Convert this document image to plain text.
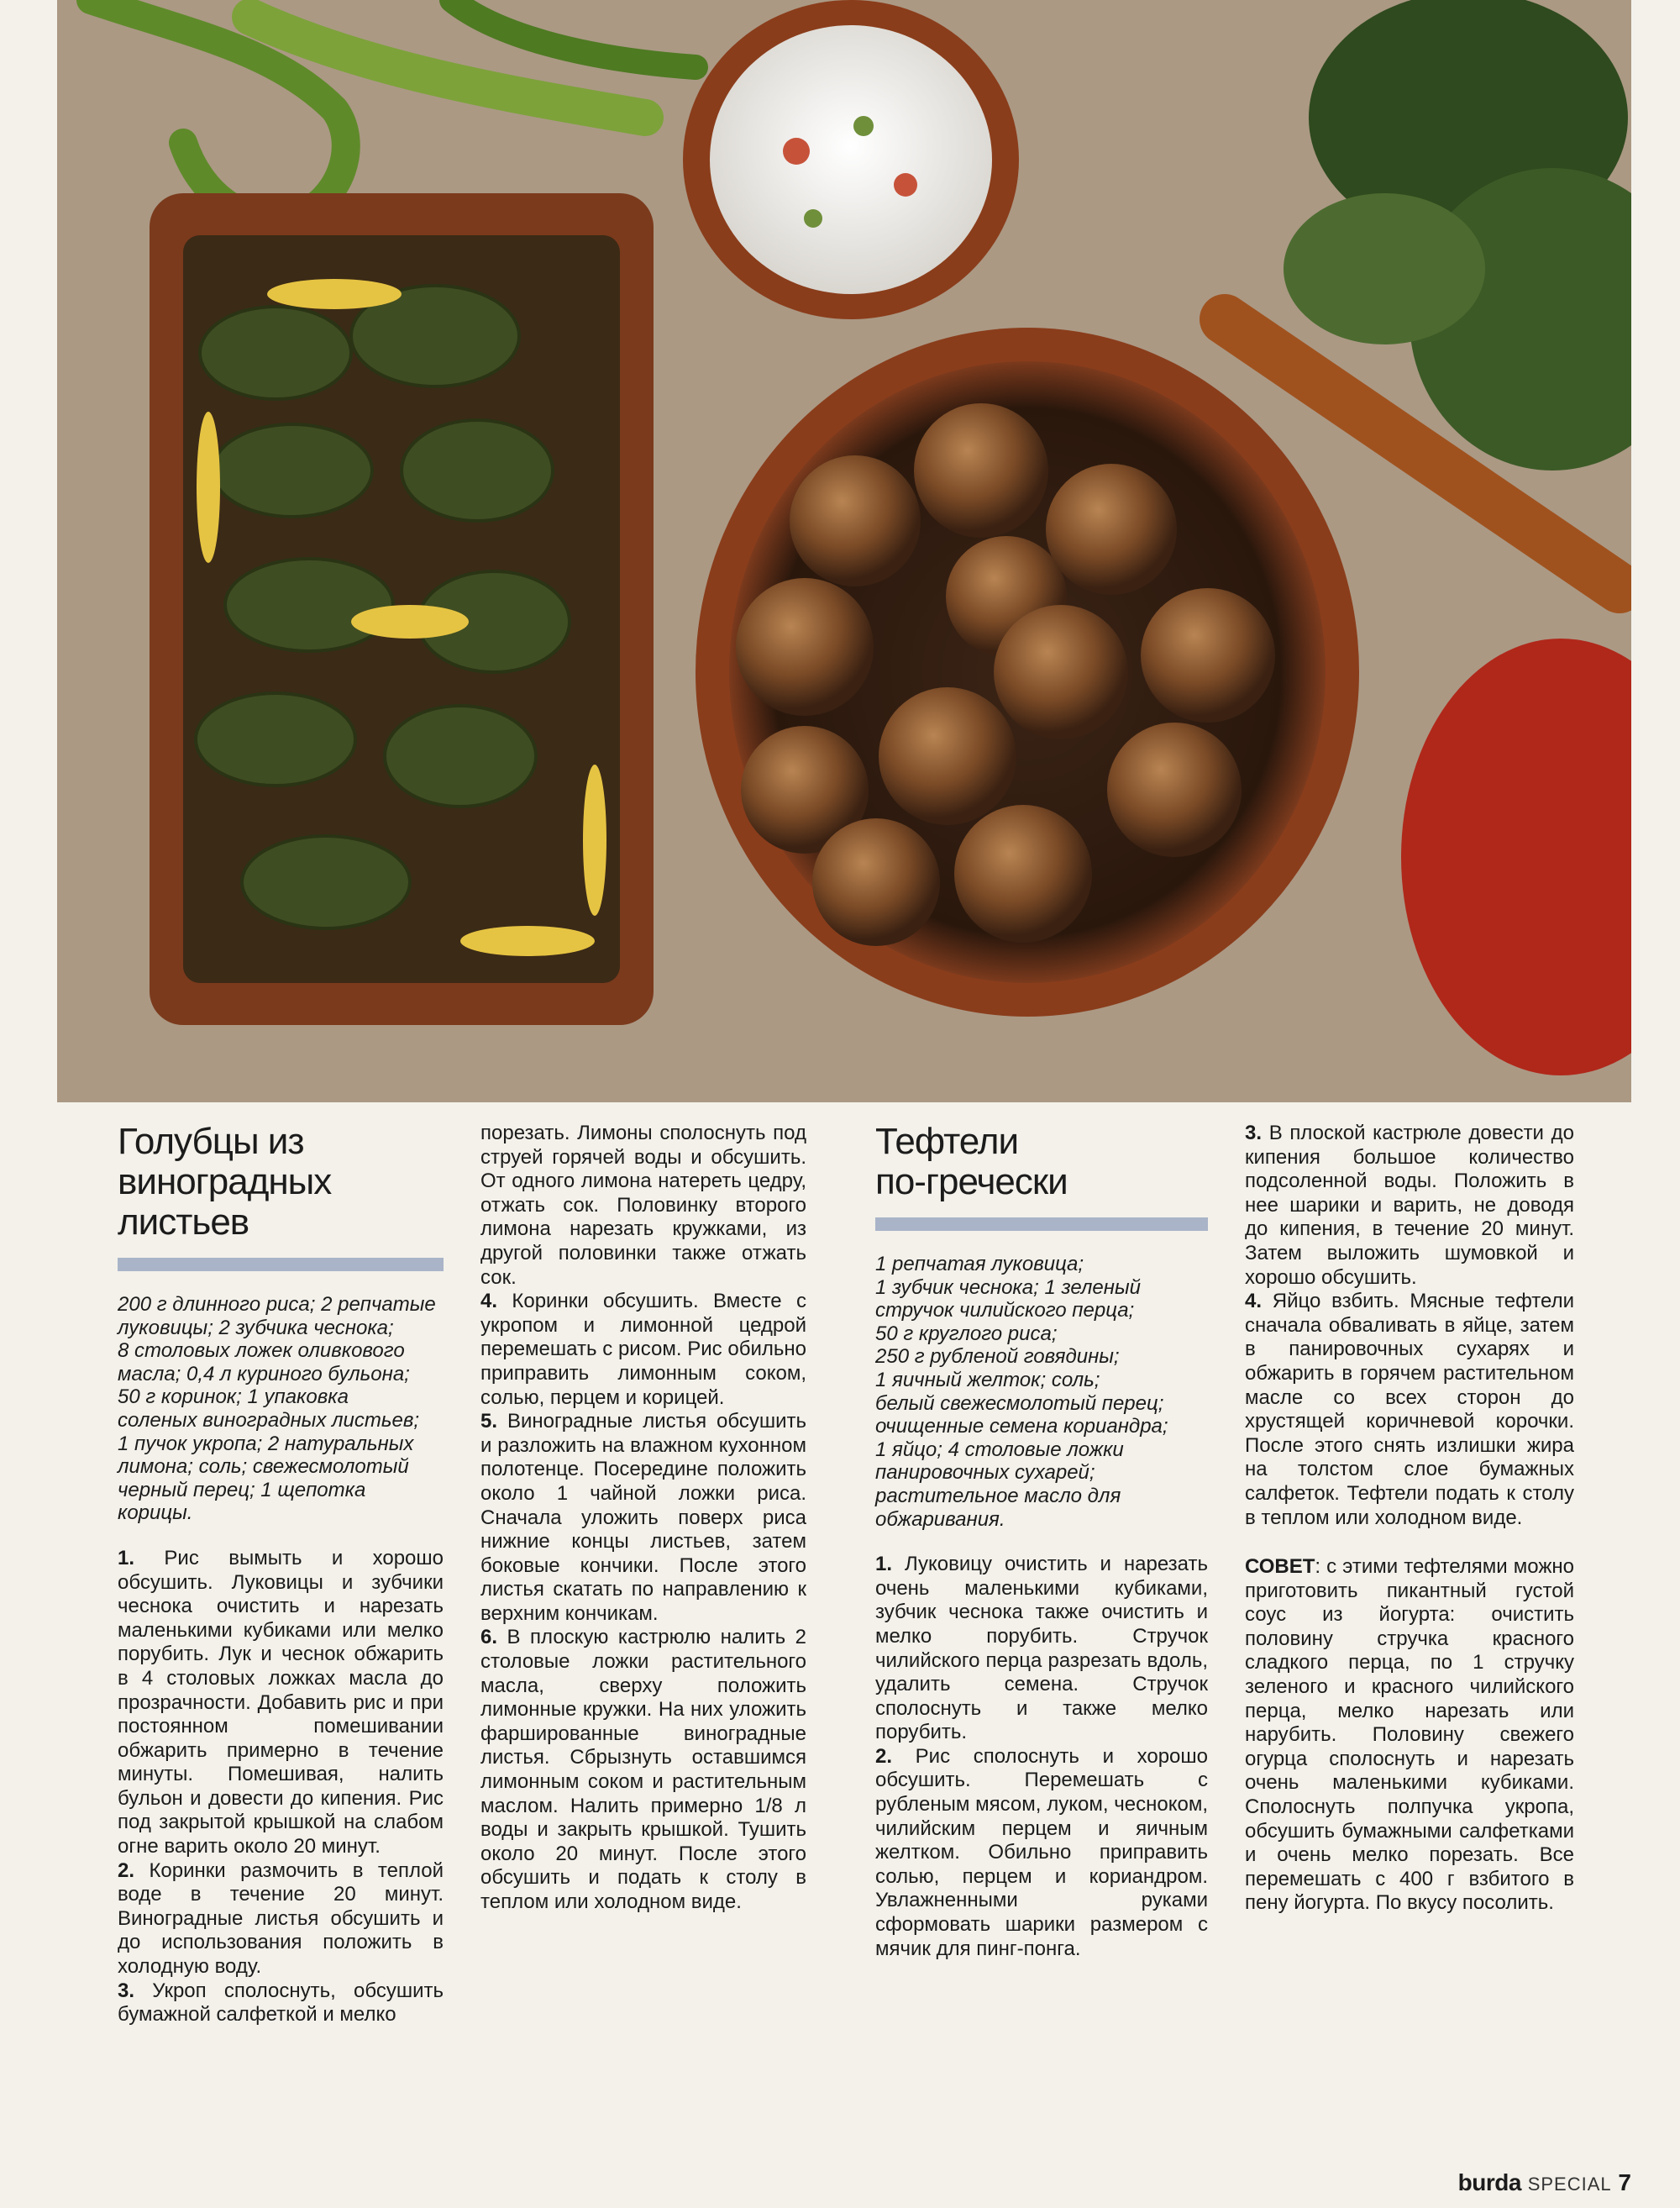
Голубцы из
виноградных листьев

200 г длинного риса; 2 репчатые
луковицы; 2 зубчика чеснока;
8 столовых ложек оливкового
масла; 0,4 л куриного бульона;
50 г коринок; 1 упаковка
соленых виноградных листьев;
1 пучок укропа; 2 натуральных
лимона; соль; свежесмолотый
черный перец; 1 щепотка корицы.

1. Рис вымыть и хорошо обсушить. Луковицы и зубчики чеснока очистить и нарезать маленькими кубиками или мелко порубить. Лук и чеснок обжарить в 4 столовых ложках масла до прозрачности. Добавить рис и при постоянном помешивании обжарить примерно в течение минуты. Помешивая, налить бульон и довести до кипения. Рис под закрытой крышкой на слабом огне варить около 20 минут.

2. Коринки размочить в теплой воде в течение 20 минут. Виноградные листья обсушить и до использования положить в холодную воду.

3. Укроп сполоснуть, обсушить бумажной салфеткой и мелко

порезать. Лимоны сполоснуть под струей горячей воды и обсушить. От одного лимона натереть цедру, отжать сок. Половинку второго лимона нарезать кружками, из другой половинки также отжать сок.

4. Коринки обсушить. Вместе с укропом и лимонной цедрой перемешать с рисом. Рис обильно приправить лимонным соком, солью, перцем и корицей.

5. Виноградные листья обсушить и разложить на влажном кухонном полотенце. Посередине положить около 1 чайной ложки риса. Сначала уложить поверх риса нижние концы листьев, затем боковые кончики. После этого листья скатать по направлению к верхним кончикам.

6. В плоскую кастрюлю налить 2 столовые ложки растительного масла, сверху положить лимонные кружки. На них уложить фаршированные виноградные листья. Сбрызнуть оставшимся лимонным соком и растительным маслом. Налить примерно 1/8 л воды и закрыть крышкой. Тушить около 20 минут. После этого обсушить и подать к столу в теплом или холодном виде.

Тефтели
по-гречески

1 репчатая луковица;
1 зубчик чеснока; 1 зеленый
стручок чилийского перца;
50 г круглого риса;
250 г рубленой говядины;
1 яичный желток; соль;
белый свежесмолотый перец;
очищенные семена кориандра;
1 яйцо; 4 столовые ложки
панировочных сухарей;
растительное масло для
обжаривания.

1. Луковицу очистить и нарезать очень маленькими кубиками, зубчик чеснока также очистить и мелко порубить. Стручок чилийского перца разрезать вдоль, удалить семена. Стручок сполоснуть и также мелко порубить.

2. Рис сполоснуть и хорошо обсушить. Перемешать с рубленым мясом, луком, чесноком, чилийским перцем и яичным желтком. Обильно приправить солью, перцем и кориандром. Увлажненными руками сформовать шарики размером с мячик для пинг-понга.

3. В плоской кастрюле довести до кипения большое количество подсоленной воды. Положить в нее шарики и варить, не доводя до кипения, в течение 20 минут. Затем выложить шумовкой и хорошо обсушить.

4. Яйцо взбить. Мясные тефтели сначала обваливать в яйце, затем в панировочных сухарях и обжарить в горячем растительном масле со всех сторон до хрустящей коричневой корочки. После этого снять излишки жира на толстом слое бумажных салфеток. Тефтели подать к столу в теплом или холодном виде.

СОВЕТ: с этими тефтелями можно приготовить пикантный густой соус из йогурта: очистить половину стручка красного сладкого перца, по 1 стручку зеленого и красного чилийского перца, мелко нарезать или нарубить. Половину свежего огурца сполоснуть и нарезать очень маленькими кубиками. Сполоснуть полпучка укропа, обсушить бумажными салфетками и очень мелко порезать. Все перемешать с 400 г взбитого в пену йогурта. По вкусу посолить.

burda SPECIAL 7
